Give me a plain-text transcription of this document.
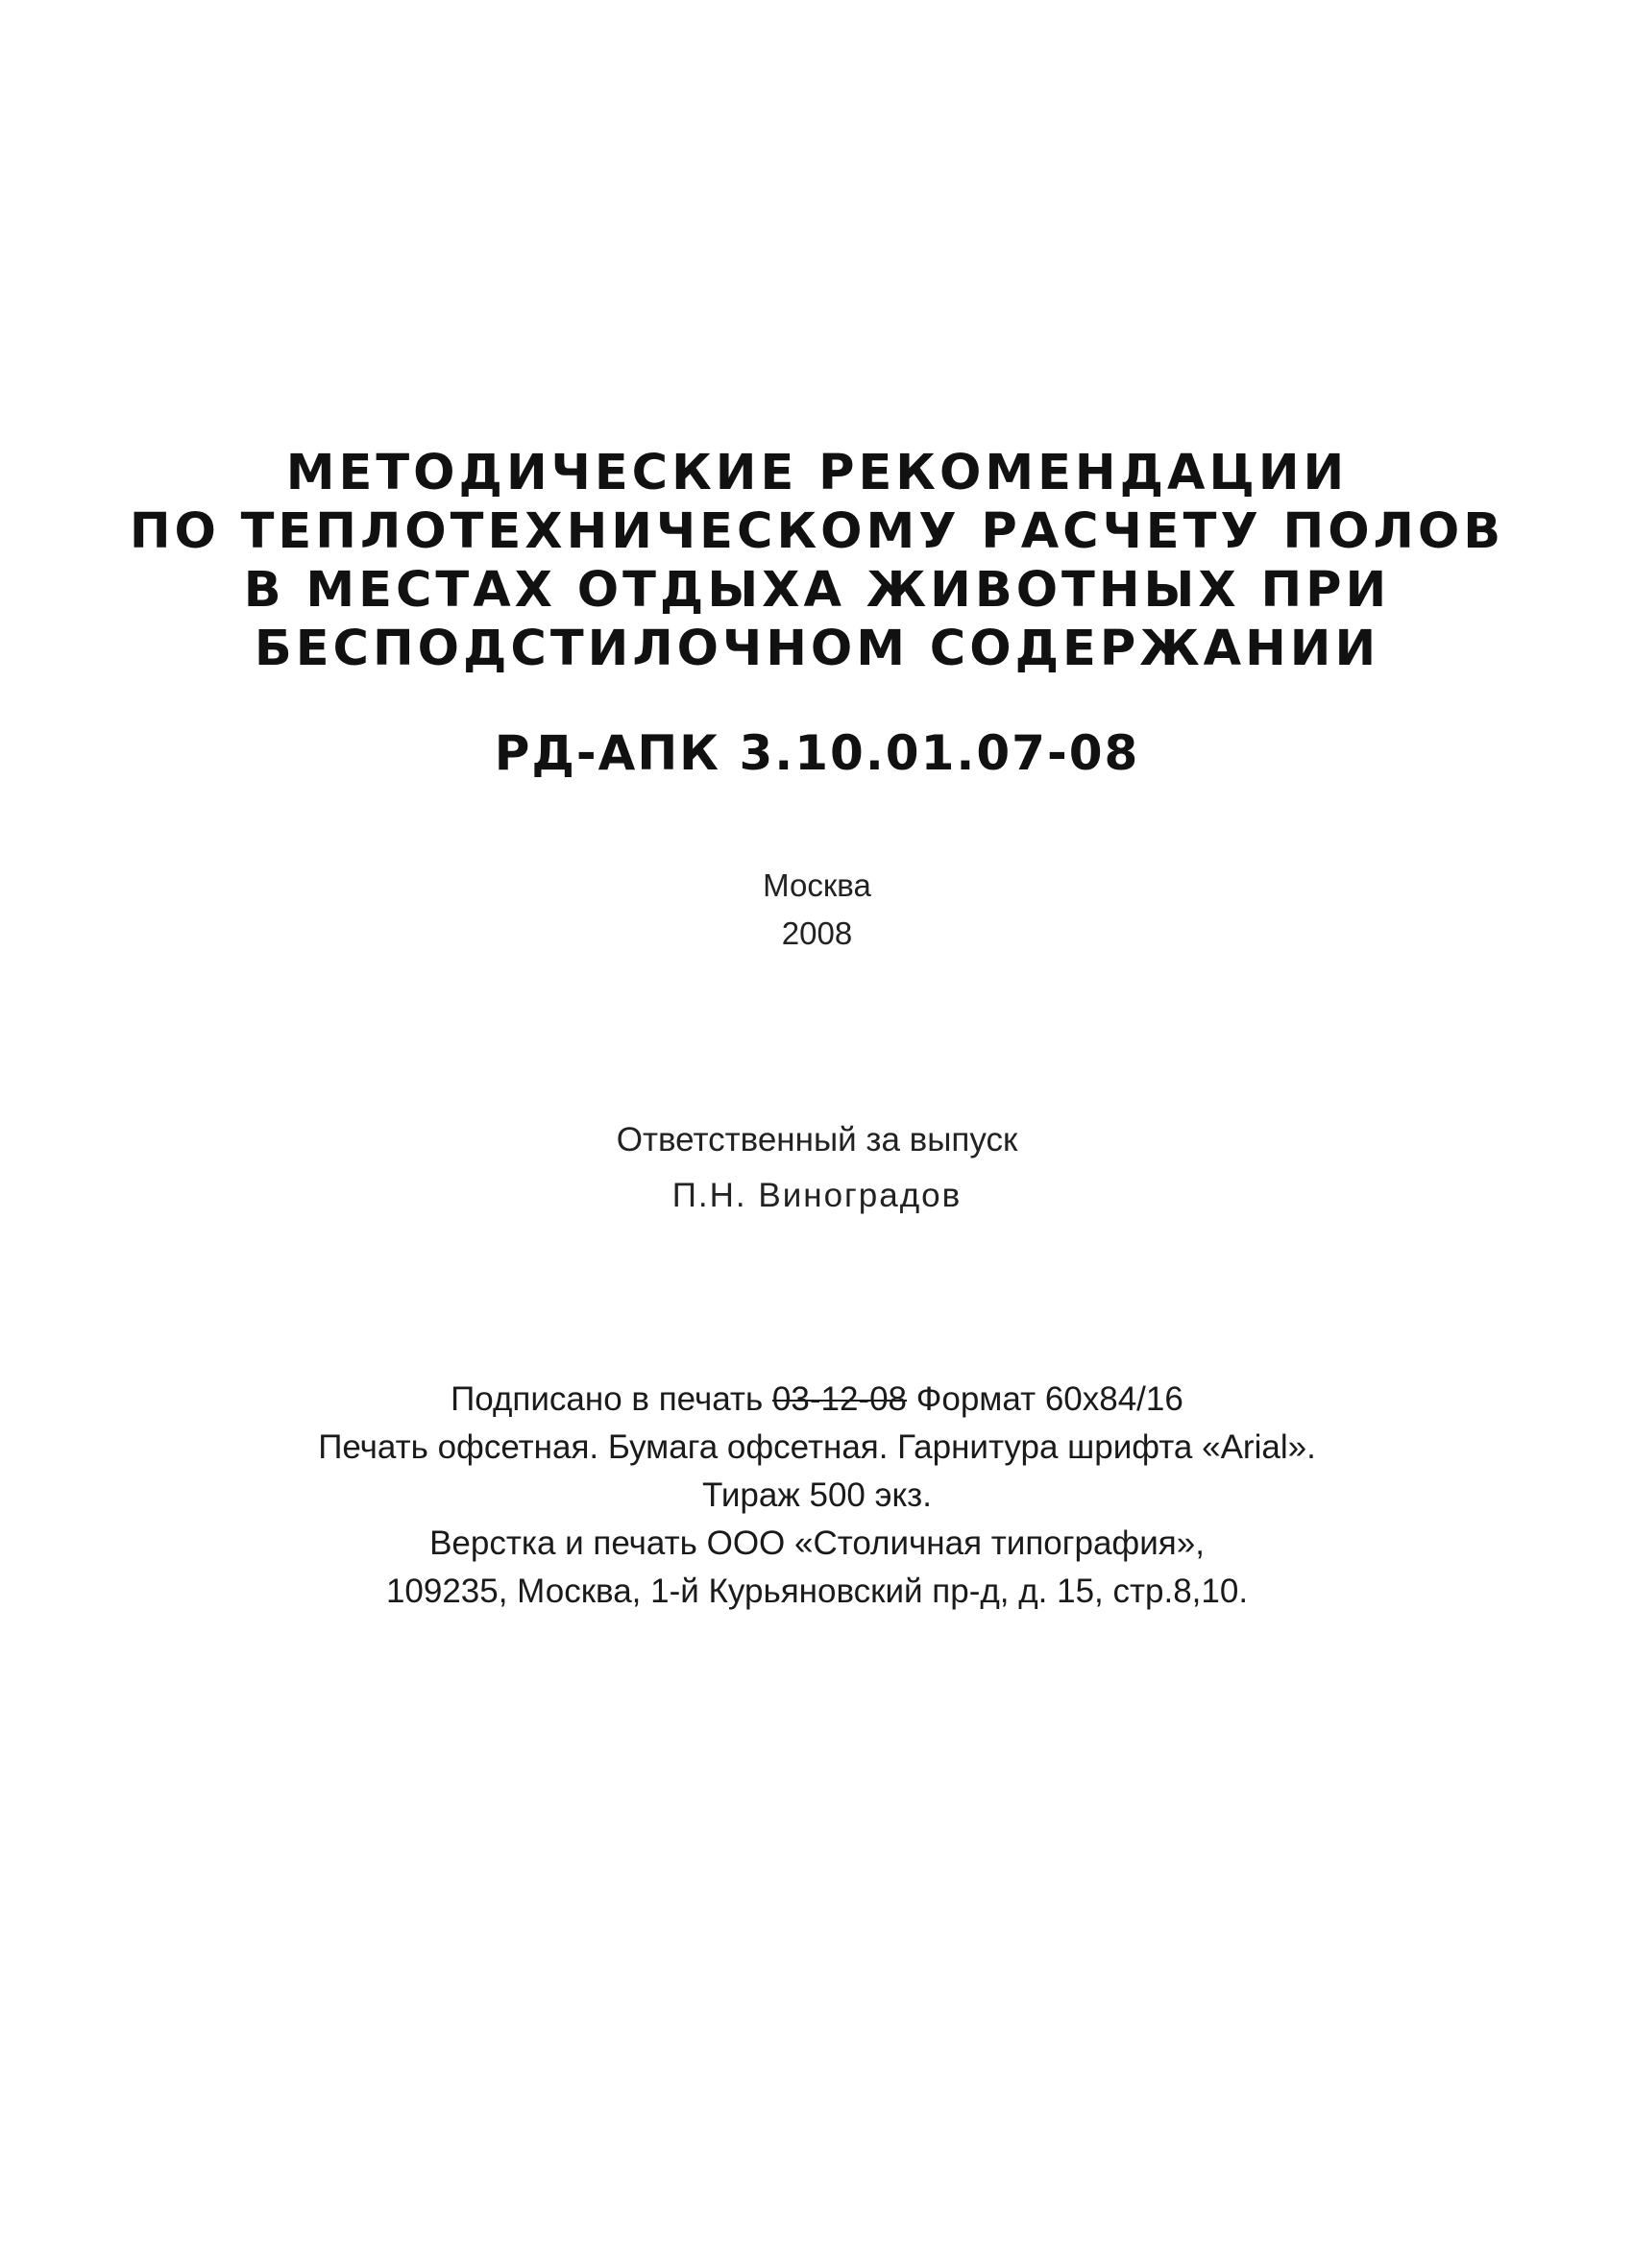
МЕТОДИЧЕСКИЕ РЕКОМЕНДАЦИИ
ПО ТЕПЛОТЕХНИЧЕСКОМУ РАСЧЕТУ ПОЛОВ
В МЕСТАХ ОТДЫХА ЖИВОТНЫХ ПРИ
БЕСПОДСТИЛОЧНОМ СОДЕРЖАНИИ
РД-АПК 3.10.01.07-08
Москва
2008
Ответственный за выпуск
П.Н. Виноградов
Подписано в печать 03-12-08 Формат 60х84/16
Печать офсетная. Бумага офсетная. Гарнитура шрифта «Arial».
Тираж 500 экз.
Верстка и печать ООО «Столичная типография»,
109235, Москва, 1-й Курьяновский пр-д, д. 15, стр.8,10.
